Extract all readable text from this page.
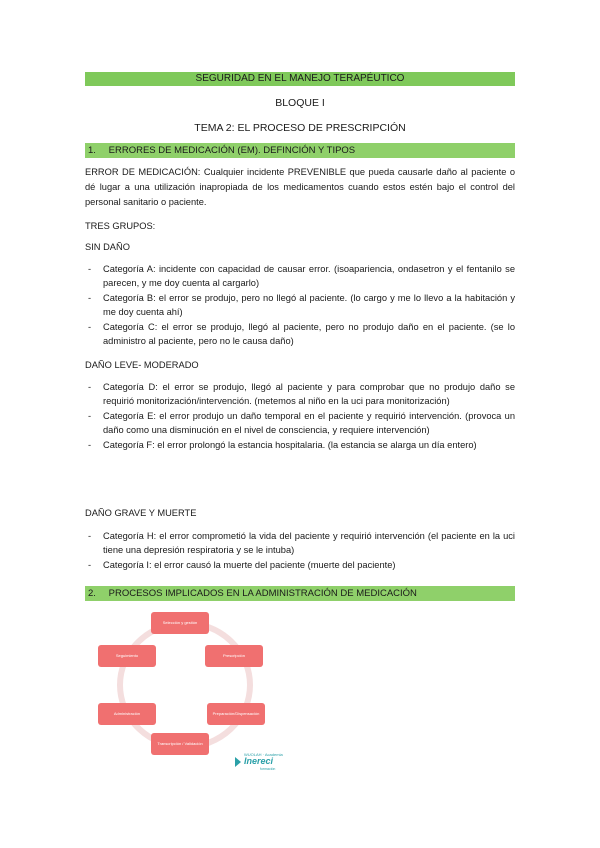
SEGURIDAD EN EL MANEJO TERAPÉUTICO
BLOQUE I
TEMA 2: EL PROCESO DE PRESCRIPCIÓN
1. ERRORES DE MEDICACIÓN (EM). DEFINCIÓN Y TIPOS
ERROR DE MEDICACIÓN: Cualquier incidente PREVENIBLE que pueda causarle daño al paciente o dé lugar a una utilización inapropiada de los medicamentos cuando estos estén bajo el control del personal sanitario o paciente.
TRES GRUPOS:
SIN DAÑO
- Categoría A: incidente con capacidad de causar error. (isoapariencia, ondasetron y el fentanilo se parecen, y me doy cuenta al cargarlo)
- Categoría B: el error se produjo, pero no llegó al paciente. (lo cargo y me lo llevo a la habitación y me doy cuenta ahí)
- Categoría C: el error se produjo, llegó al paciente, pero no produjo daño en el paciente. (se lo administro al paciente, pero no le causa daño)
DAÑO LEVE- MODERADO
- Categoría D: el error se produjo, llegó al paciente y para comprobar que no produjo daño se requirió monitorización/intervención. (metemos al niño en la uci para monitorización)
- Categoría E: el error produjo un daño temporal en el paciente y requirió intervención. (provoca un daño como una disminución en el nivel de consciencia, y requiere intervención)
- Categoría F: el error prolongó la estancia hospitalaria. (la estancia se alarga un día entero)
DAÑO GRAVE Y MUERTE
- Categoría H: el error comprometió la vida del paciente y requirió intervención (el paciente en la uci tiene una depresión respiratoria y se le intuba)
- Categoría I: el error causó la muerte del paciente (muerte del paciente)
2. PROCESOS IMPLICADOS EN LA ADMINISTRACIÓN DE MEDICACIÓN
Selección y gestión
Prescripción
Preparación/Dispensación
Transcripción / Validación
Administración
Seguimiento
WUOLAH · Academia
Inereci
formación
